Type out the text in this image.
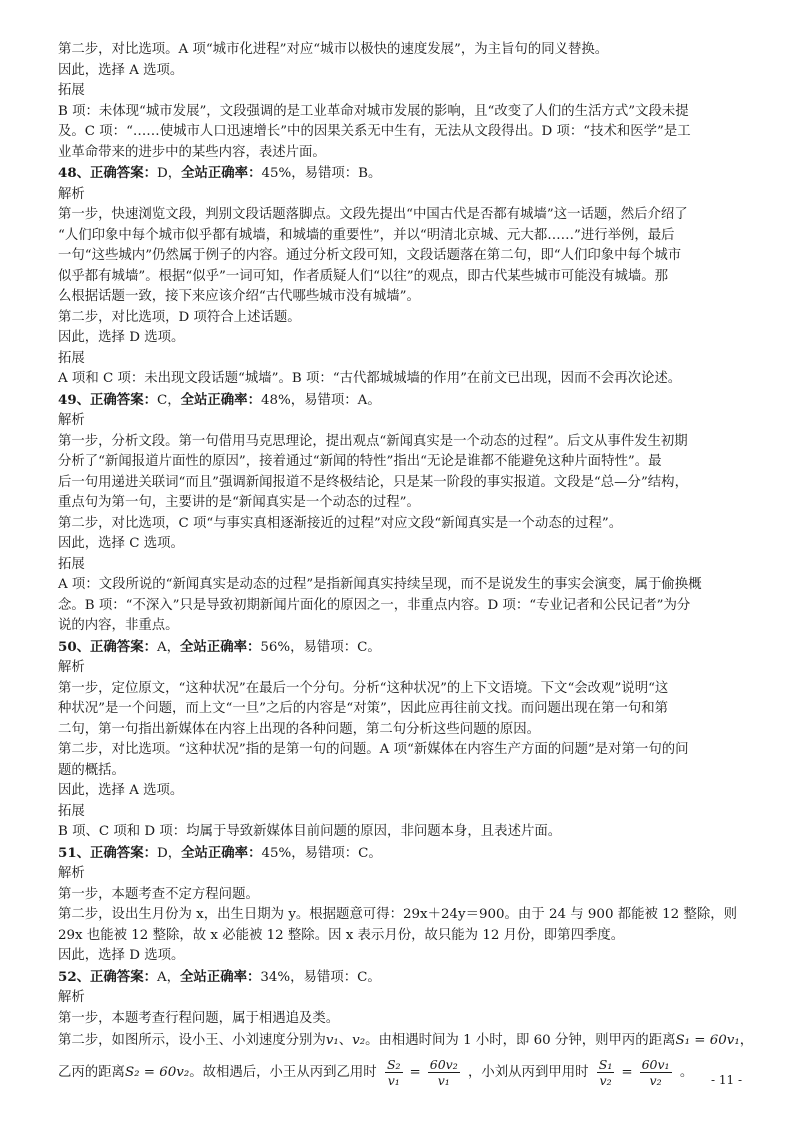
第二步，对比选项。A 项“城市化进程”对应“城市以极快的速度发展”，为主旨句的同义替换。
因此，选择 A 选项。
拓展
B 项：未体现“城市发展”，文段强调的是工业革命对城市发展的影响，且“改变了人们的生活方式”文段未提
及。C 项：“……使城市人口迅速增长”中的因果关系无中生有，无法从文段得出。D 项：“技术和医学”是工
业革命带来的进步中的某些内容，表述片面。
48、正确答案：D，全站正确率：45%，易错项：B。
解析
第一步，快速浏览文段，判别文段话题落脚点。文段先提出“中国古代是否都有城墙”这一话题，然后介绍了
“人们印象中每个城市似乎都有城墙，和城墙的重要性”，并以“明清北京城、元大都……”进行举例，最后
一句“这些城内”仍然属于例子的内容。通过分析文段可知，文段话题落在第二句，即“人们印象中每个城市
似乎都有城墙”。根据“似乎”一词可知，作者质疑人们“以往”的观点，即古代某些城市可能没有城墙。那
么根据话题一致，接下来应该介绍“古代哪些城市没有城墙”。
第二步，对比选项，D 项符合上述话题。
因此，选择 D 选项。
拓展
A 项和 C 项：未出现文段话题“城墙”。B 项：“古代都城城墙的作用”在前文已出现，因而不会再次论述。
49、正确答案：C，全站正确率：48%，易错项：A。
解析
第一步，分析文段。第一句借用马克思理论，提出观点“新闻真实是一个动态的过程”。后文从事件发生初期
分析了“新闻报道片面性的原因”，接着通过“新闻的特性”指出“无论是谁都不能避免这种片面特性”。最
后一句用递进关联词“而且”强调新闻报道不是终极结论，只是某一阶段的事实报道。文段是“总—分”结构，
重点句为第一句，主要讲的是“新闻真实是一个动态的过程”。
第二步，对比选项，C 项“与事实真相逐渐接近的过程”对应文段“新闻真实是一个动态的过程”。
因此，选择 C 选项。
拓展
A 项：文段所说的“新闻真实是动态的过程”是指新闻真实持续呈现，而不是说发生的事实会演变，属于偷换概
念。B 项：“不深入”只是导致初期新闻片面化的原因之一，非重点内容。D 项：“专业记者和公民记者”为分
说的内容，非重点。
50、正确答案：A，全站正确率：56%，易错项：C。
解析
第一步，定位原文，“这种状况”在最后一个分句。分析“这种状况”的上下文语境。下文“会改观”说明“这
种状况”是一个问题，而上文“一旦”之后的内容是“对策”，因此应再往前文找。而问题出现在第一句和第
二句，第一句指出新媒体在内容上出现的各种问题，第二句分析这些问题的原因。
第二步，对比选项。“这种状况”指的是第一句的问题。A 项“新媒体在内容生产方面的问题”是对第一句的问
题的概括。
因此，选择 A 选项。
拓展
B 项、C 项和 D 项：均属于导致新媒体目前问题的原因，非问题本身，且表述片面。
51、正确答案：D，全站正确率：45%，易错项：C。
解析
第一步，本题考查不定方程问题。
第二步，设出生月份为 x，出生日期为 y。根据题意可得：29x＋24y＝900。由于 24 与 900 都能被 12 整除，则
29x 也能被 12 整除，故 x 必能被 12 整除。因 x 表示月份，故只能为 12 月份，即第四季度。
因此，选择 D 选项。
52、正确答案：A，全站正确率：34%，易错项：C。
解析
第一步，本题考查行程问题，属于相遇追及类。
第二步，如图所示，设小王、小刘速度分别为v₁、v₂。由相遇时间为 1 小时，即 60 分钟，则甲丙的距离S₁ = 60v₁，
乙丙的距离S₂ = 60v₂。故相遇后，小王从丙到乙用时 $\frac{\text{S₂}}{\text{v₁}} = \frac{\text{60v₂}}{\text{v₁}}$ ，小刘从丙到甲用时 $\frac{\text{S₁}}{\text{v₂}} = \frac{\text{60v₁}}{\text{v₂}}$ 。	- 11 -
